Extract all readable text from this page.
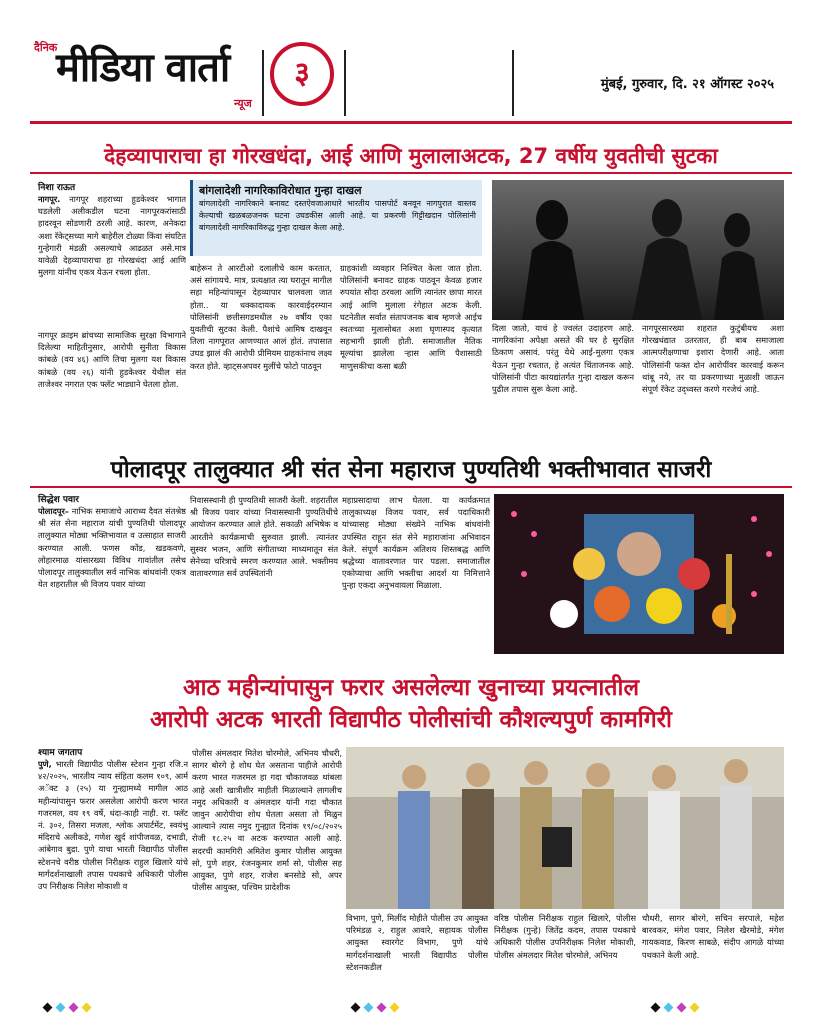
दैनिक
मीडिया वार्ता
न्यूज
३	मुंबई, गुरुवार, दि. २१ ऑगस्ट २०२५
देहव्यापाराचा हा गोरखधंदा, आई आणि मुलालाअटक, 27 वर्षीय युवतीची सुटका
निशा राऊत
नागपूर. नागपूर शहराच्या हुडकेश्वर भागात घडलेली अलीकडील घटना नागपूरकरांसाठी हादरवून सोडणारी ठरली आहे. कारण, अनेकदा अशा रॅकेट्सच्या मागे बाहेरील टोळ्या किंवा संघटित गुन्हेगारी मंडळी असल्याचे आढळत असे.मात्र यावेळी देहव्यापाराचा हा गोरखधंदा आई आणि मुलगा यांनीच एकत्र येऊन रचला होता.
नागपूर क्राइम ब्रांचच्या सामाजिक सुरक्षा विभागाने दिलेल्या माहितीनुसार, आरोपी सुनीता विकास कांबळे (वय ४६) आणि तिचा मुलगा यश विकास कांबळे (वय २६) यांनी हुडकेश्वर येथील संत ताजेश्वर नगरात एक फ्लॅट भाड्याने घेतला होता.
बांगलादेशी नागरिकाविरोधात गुन्हा दाखल
बांगलादेशी नागरिकाने बनावट दस्तऐवजाआधारे भारतीय पासपोर्ट बनवून नागपुरात वास्तव केल्याची खळबळजनक घटना उघडकीस आली आहे. या प्रकरणी गिट्टीखदान पोलिसांनी बांगलादेशी नागरिकाविरुद्ध गुन्हा दाखल केला आहे.
बाहेरून ते आरटीओ दलालीचे काम करतात, असं सांगायचे. मात्र, प्रत्यक्षात त्या घरातून मागील सहा महिन्यांपासून देहव्यापार चालवला जात होता.. या धक्कादायक कारवाईदरम्यान पोलिसांनी छत्तीसगडमधील २७ वर्षीय एका युवतीची सुटका केली. पैशांचे आमिष दाखवून तिला नागपूरात आणण्यात आलं होतं. तपासात उघड झालं की आरोपी प्रीमियम ग्राहकांनाच लक्ष्य करत होते. व्हाट्सअपवर मुलींचे फोटो पाठवून
ग्राहकांशी व्यवहार निश्चित केला जात होता. पोलिसांनी बनावट ग्राहक पाठवून केवळ हजार रुपयांत सौदा ठरवला आणि त्यानंतर छापा मारत आई आणि मुलाला रंगेहात अटक केली. घटनेतील सर्वात संतापजनक बाब म्हणजे आईच स्वतःच्या मुलासोबत अशा घृणास्पद कृत्यात सहभागी झाली होती. समाजातील नैतिक मूल्यांचा झालेला ऱ्हास आणि पैशासाठी माणुसकीचा कसा बळी
दिला जातो, याचं हे ज्वलंत उदाहरण आहे. नागरिकांना अपेक्षा असते की घर हे सुरक्षित ठिकाण असावं. परंतु येथे आई-मुलगा एकत्र येऊन गुन्हा रचतात, हे अत्यंत चिंताजनक आहे. पोलिसांनी पीटा कायद्यांतर्गत गुन्हा दाखल करून पुढील तपास सुरू केला आहे.
नागपूरसारख्या शहरात कुटुंबीयच अशा गोरखधंद्यात उतरतात, ही बाब समाजाला आत्मपरीक्षणाचा इशारा देणारी आहे. आता पोलिसांनी फक्त दोन आरोपींवर कारवाई करून थांबू नये, तर या प्रकरणाच्या मुळाशी जाऊन संपूर्ण रॅकेट उद्ध्वस्त करणे गरजेचं आहे.
पोलादपूर तालुक्यात श्री संत सेना महाराज पुण्यतिथी भक्तीभावात साजरी
सिद्धेश पवार
पोलादपूर– नाभिक समाजाचे आराध्य दैवत संतश्रेष्ठ श्री संत सेना महाराज यांची पुण्यतिथी पोलादपूर तालुक्यात मोठ्या भक्तिभावात व उत्साहात साजरी करण्यात आली. फणस कोंड, खडकवणे, लोहारमाळ यांसारख्या विविध गावांतील तसेच पोलादपूर तालुक्यातील सर्व नाभिक बांधवांनी एकत्र येत शहरातील श्री विजय पवार यांच्या
निवासस्थानी ही पुण्यतिथी साजरी केली. शहरातील श्री विजय पवार यांच्या निवासस्थानी पुण्यतिथीचे आयोजन करण्यात आले होते. सकाळी अभिषेक व आरतीने कार्यक्रमाची सुरुवात झाली. त्यानंतर सुस्वर भजन, आणि संगीताच्या माध्यमातून संत सेनेच्या चरित्राचे स्मरण करण्यात आले. भक्तीमय वातावरणात सर्व उपस्थितांनी
महाप्रसादाचा लाभ घेतला. या कार्यक्रमात तालुकाध्यक्ष विजय पवार, सर्व पदाधिकारी यांच्यासह मोठ्या संख्येने नाभिक बांधवांनी उपस्थित राहून संत सेने महाराजांना अभिवादन केले. संपूर्ण कार्यक्रम अतिशय शिस्तबद्ध आणि श्रद्धेच्या वातावरणात पार पडला. समाजातील एकोप्याचा आणि भक्तीचा आदर्श या निमित्ताने पुन्हा एकदा अनुभवायला मिळाला.
आठ महीन्यांपासुन फरार असलेल्या खुनाच्या प्रयत्नातील
आरोपी अटक भारती विद्यापीठ पोलीसांची कौशल्यपुर्ण कामगिरी
श्याम जगताप
पुणे, भारती विद्यापीठ पोलीस स्टेशन गुन्हा रजि.न ४२/२०२५, भारतीय न्याय संहिता कलम १०९, आर्म अॅक्ट ३ (२५) या गुन्ह्यामध्ये मागील आठ महीन्यांपासुन फरार असलेला आरोपी करण भारत गजरमल, वय १९ वर्षे, धंदा-काही नाही. रा. फ्लॅट नं. ३०२, तिसरा मजला, श्लोक अपार्टमेंट, स्वयंभु मंदिराचे अलीकडे, गणेश खुर्द शांपीजवळ, दभाडी, आंबेगाव बुद्रा. पुणे याचा भारती विद्यापीठ पोलीस स्टेशनचे वरीष्ठ पोलीस निरीक्षक राहुल खिलारे यांचे मार्गदर्शनाखाली तपास पथकाचे अधिकारी पोलीस उप निरीक्षक निलेश मोकाशी व
पोलीस अंमलदार मितेश चोरमोले, अभिनय चौधरी, सागर बोरगे हे शोध घेत असताना पाहीजे आरोपी करण भारत गजरमल हा गदा चौकाजवळ थांबला आहे अशी खात्रीशीर माहीती मिळाल्याने लागलीच नमुद अधिकारी व अंमलदार यांनी गदा चौकात जावुन आरोपीचा शोध घेतला असता तो मिळुन आल्याने त्यास नमुद गुन्ह्यात दिनांक १९/०८/२०२५ रोजी १८.२५ वा अटक करण्यात आली आहे. सदरची कामगिरी अमितेश कुमार पोलीस आयुक्त सो, पुणे शहर, रंजनकुमार शर्मा सो, पोलीस सह आयुक्त, पुणे शहर, राजेश बनसोडे सो, अपर पोलीस आयुक्त, पश्चिम प्रादेशीक
विभाग, पुणे, मिलींद मोहीते पोलीस उप आयुक्त परिमंडळ २, राहुल आवारे, सहायक पोलीस आयुक्त स्वारगेट विभाग, पुणे यांचे मार्गदर्शनाखाली भारती विद्यापीठ पोलीस स्टेशनकडील
वरिष्ठ पोलीस निरीक्षक राहुल खिलारे, पोलीस निरीक्षक (गुन्हे) जितेंद्र कदम, तपास पथकाचे अधिकारी पोलीस उपनिरीक्षक निलेश मोकाशी, पोलीस अंमलदार मितेश चोरमोले, अभिनय
चौधरी, सागर बोरगे, सचिन सरपाले, महेश बारवकर, मंगेश पवार, निलेश खैरमोडे, मंगेश गायकवाड, किरण साबळे, संदीप आगळे यांच्या पथकाने केली आहे.
